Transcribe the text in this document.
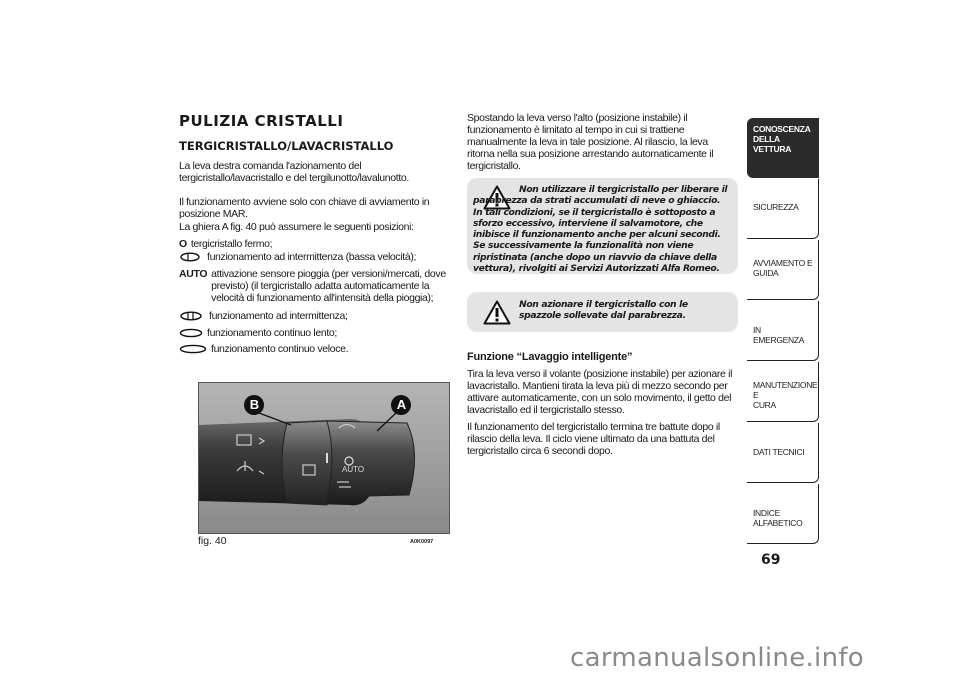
PULIZIA CRISTALLI
TERGICRISTALLO/LAVACRISTALLO
La leva destra comanda l'azionamento del tergicristallo/lavacristallo e del tergilunotto/lavalunotto.
Il funzionamento avviene solo con chiave di avviamento in posizione MAR.
La ghiera A fig. 40 può assumere le seguenti posizioni:
O tergicristallo fermo;
funzionamento ad intermittenza (bassa velocità);
AUTO attivazione sensore pioggia (per versioni/mercati, dove previsto) (il tergicristallo adatta automaticamente la velocità di funzionamento all'intensità della pioggia);
funzionamento ad intermittenza;
funzionamento continuo lento;
funzionamento continuo veloce.
B	A
AUTO
fig. 40	A0K0097
Spostando la leva verso l'alto (posizione instabile) il funzionamento è limitato al tempo in cui si trattiene manualmente la leva in tale posizione. Al rilascio, la leva ritorna nella sua posizione arrestando automaticamente il tergicristallo.
Non utilizzare il tergicristallo per liberare il parabrezza da strati accumulati di neve o ghiaccio. In tali condizioni, se il tergicristallo è sottoposto a sforzo eccessivo, interviene il salvamotore, che inibisce il funzionamento anche per alcuni secondi. Se successivamente la funzionalità non viene ripristinata (anche dopo un riavvio da chiave della vettura), rivolgiti ai Servizi Autorizzati Alfa Romeo.
Non azionare il tergicristallo con le spazzole sollevate dal parabrezza.
Funzione “Lavaggio intelligente”
Tira la leva verso il volante (posizione instabile) per azionare il lavacristallo. Mantieni tirata la leva più di mezzo secondo per attivare automaticamente, con un solo movimento, il getto del lavacristallo ed il tergicristallo stesso.
Il funzionamento del tergicristallo termina tre battute dopo il rilascio della leva. Il ciclo viene ultimato da una battuta del tergicristallo circa 6 secondi dopo.
CONOSCENZA
DELLA VETTURA
SICUREZZA
AVVIAMENTO E
GUIDA
IN EMERGENZA
MANUTENZIONE E
CURA
DATI TECNICI
INDICE ALFABETICO
69
carmanualsonline.info
